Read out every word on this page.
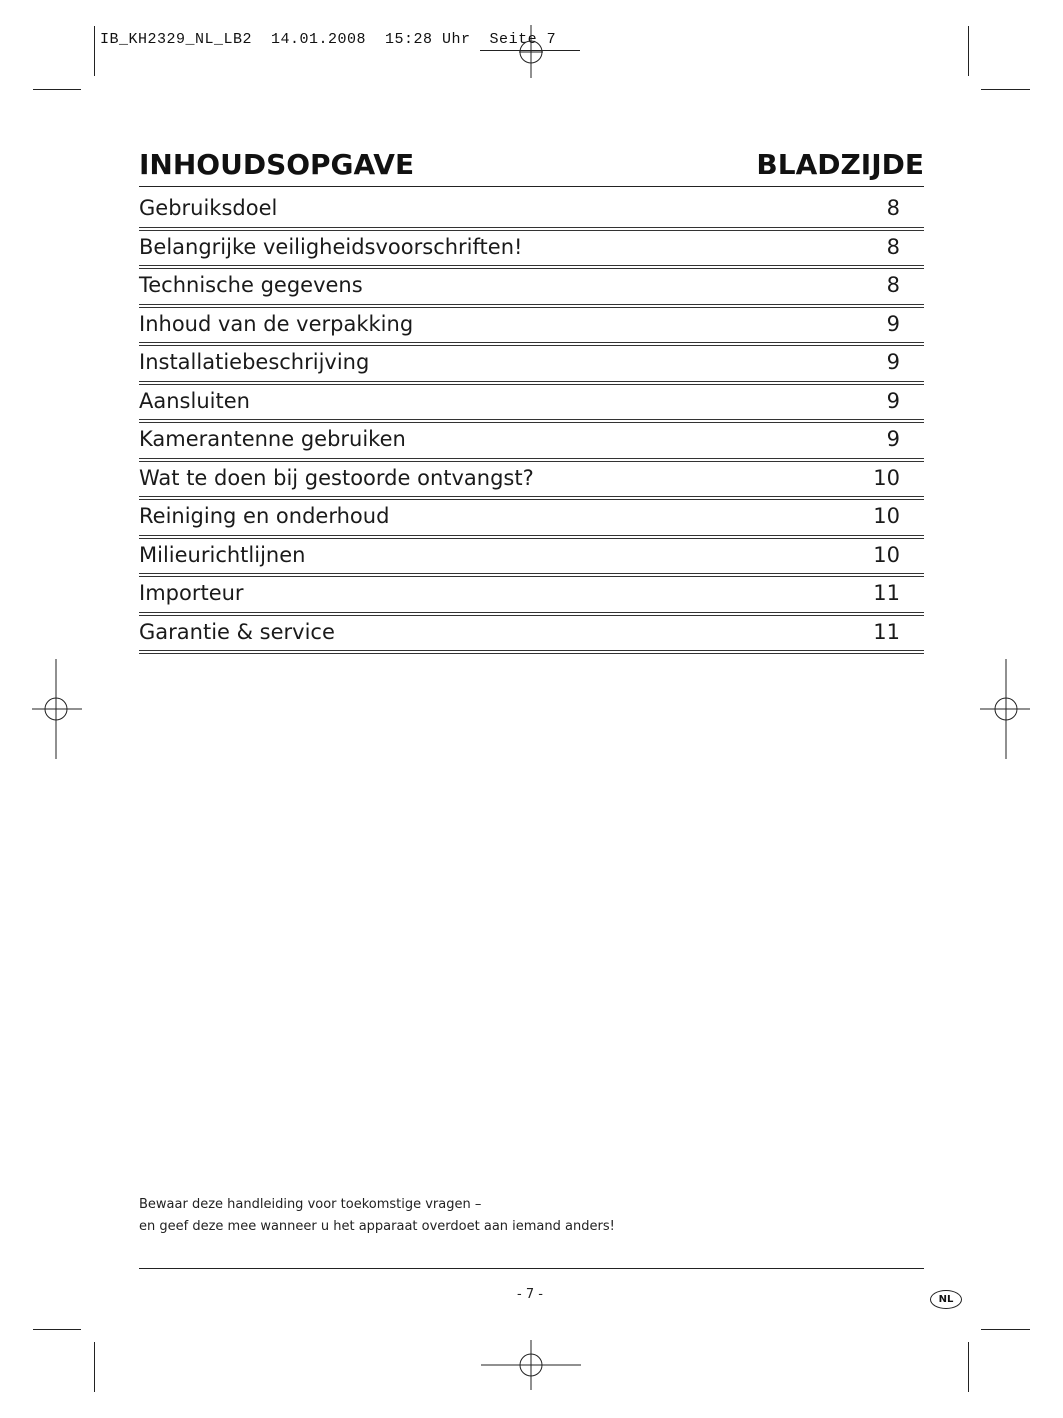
IB_KH2329_NL_LB2  14.01.2008  15:28 Uhr  Seite 7
INHOUDSOPGAVE	BLADZIJDE
Gebruiksdoel	8
Belangrijke veiligheidsvoorschriften!	8
Technische gegevens	8
Inhoud van de verpakking	9
Installatiebeschrijving	9
Aansluiten	9
Kamerantenne gebruiken	9
Wat te doen bij gestoorde ontvangst?	10
Reiniging en onderhoud	10
Milieurichtlijnen	10
Importeur	11
Garantie & service	11
Bewaar deze handleiding voor toekomstige vragen –
en geef deze mee wanneer u het apparaat overdoet aan iemand anders!
- 7 -	NL
